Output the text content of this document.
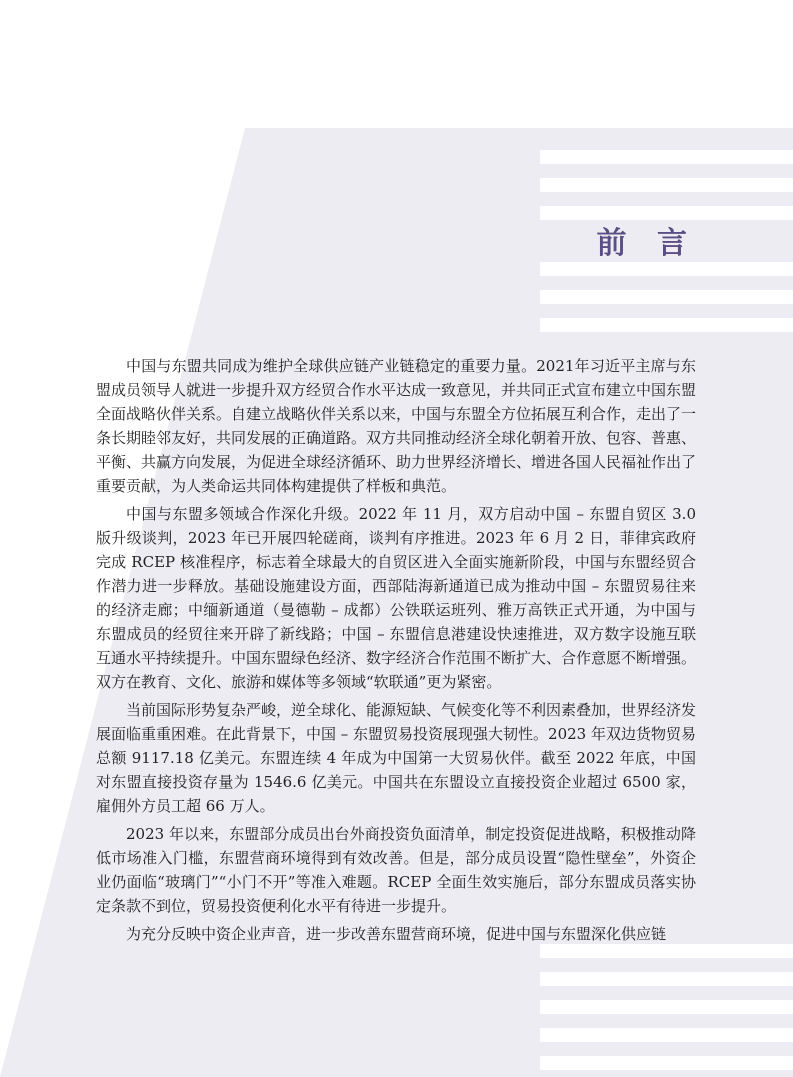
前 言

中国与东盟共同成为维护全球供应链产业链稳定的重要力量。2021年习近平主席与东盟成员领导人就进一步提升双方经贸合作水平达成一致意见，并共同正式宣布建立中国东盟全面战略伙伴关系。自建立战略伙伴关系以来，中国与东盟全方位拓展互利合作，走出了一条长期睦邻友好，共同发展的正确道路。双方共同推动经济全球化朝着开放、包容、普惠、平衡、共赢方向发展，为促进全球经济循环、助力世界经济增长、增进各国人民福祉作出了重要贡献，为人类命运共同体构建提供了样板和典范。

中国与东盟多领域合作深化升级。2022 年 11 月，双方启动中国 – 东盟自贸区 3.0 版升级谈判，2023 年已开展四轮磋商，谈判有序推进。2023 年 6 月 2 日，菲律宾政府完成 RCEP 核准程序，标志着全球最大的自贸区进入全面实施新阶段，中国与东盟经贸合作潜力进一步释放。基础设施建设方面，西部陆海新通道已成为推动中国 – 东盟贸易往来的经济走廊；中缅新通道（曼德勒 – 成都）公铁联运班列、雅万高铁正式开通，为中国与东盟成员的经贸往来开辟了新线路；中国 – 东盟信息港建设快速推进，双方数字设施互联互通水平持续提升。中国东盟绿色经济、数字经济合作范围不断扩大、合作意愿不断增强。双方在教育、文化、旅游和媒体等多领域“软联通”更为紧密。

当前国际形势复杂严峻，逆全球化、能源短缺、气候变化等不利因素叠加，世界经济发展面临重重困难。在此背景下，中国 – 东盟贸易投资展现强大韧性。2023 年双边货物贸易总额 9117.18 亿美元。东盟连续 4 年成为中国第一大贸易伙伴。截至 2022 年底，中国对东盟直接投资存量为 1546.6 亿美元。中国共在东盟设立直接投资企业超过 6500 家，雇佣外方员工超 66 万人。

2023 年以来，东盟部分成员出台外商投资负面清单，制定投资促进战略，积极推动降低市场准入门槛，东盟营商环境得到有效改善。但是，部分成员设置“隐性壁垒”，外资企业仍面临“玻璃门”“小门不开”等准入难题。RCEP 全面生效实施后，部分东盟成员落实协定条款不到位，贸易投资便利化水平有待进一步提升。

为充分反映中资企业声音，进一步改善东盟营商环境，促进中国与东盟深化供应链
